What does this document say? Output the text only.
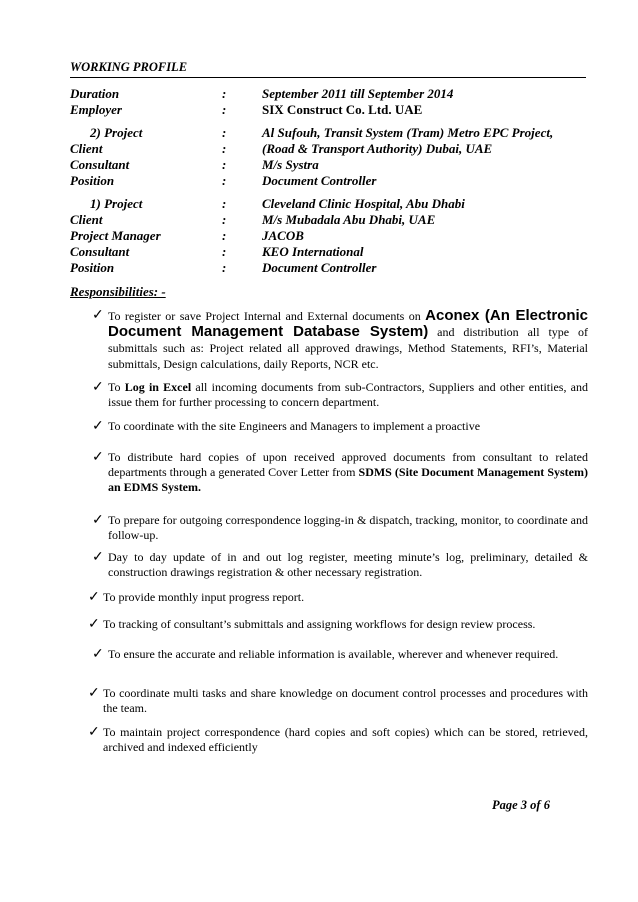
WORKING PROFILE
Duration	:	September 2011 till September 2014
Employer	:	SIX Construct Co. Ltd. UAE
2) Project	:	Al Sufouh, Transit System (Tram) Metro EPC Project,
Client	:	(Road & Transport Authority) Dubai, UAE
Consultant	:	M/s Systra
Position	:	Document Controller
1) Project	:	Cleveland Clinic Hospital, Abu Dhabi
Client	:	M/s Mubadala Abu Dhabi, UAE
Project Manager	:	JACOB
Consultant	:	KEO International
Position	:	Document Controller
Responsibilities: -
✓ To register or save Project Internal and External documents on Aconex (An Electronic Document Management Database System) and distribution all type of submittals such as: Project related all approved drawings, Method Statements, RFI’s, Material submittals, Design calculations, daily Reports, NCR etc.
✓ To Log in Excel all incoming documents from sub-Contractors, Suppliers and other entities, and issue them for further processing to concern department.
✓ To coordinate with the site Engineers and Managers to implement a proactive
✓ To distribute hard copies of upon received approved documents from consultant to related departments through a generated Cover Letter from SDMS (Site Document Management System) an EDMS System.
✓ To prepare for outgoing correspondence logging-in & dispatch, tracking, monitor, to coordinate and follow-up.
✓ Day to day update of in and out log register, meeting minute’s log, preliminary, detailed & construction drawings registration & other necessary registration.
✓ To provide monthly input progress report.
✓ To tracking of consultant’s submittals and assigning workflows for design review process.
✓ To ensure the accurate and reliable information is available, wherever and whenever required.
✓ To coordinate multi tasks and share knowledge on document control processes and procedures with the team.
✓ To maintain project correspondence (hard copies and soft copies) which can be stored, retrieved, archived and indexed efficiently
Page 3 of 6
